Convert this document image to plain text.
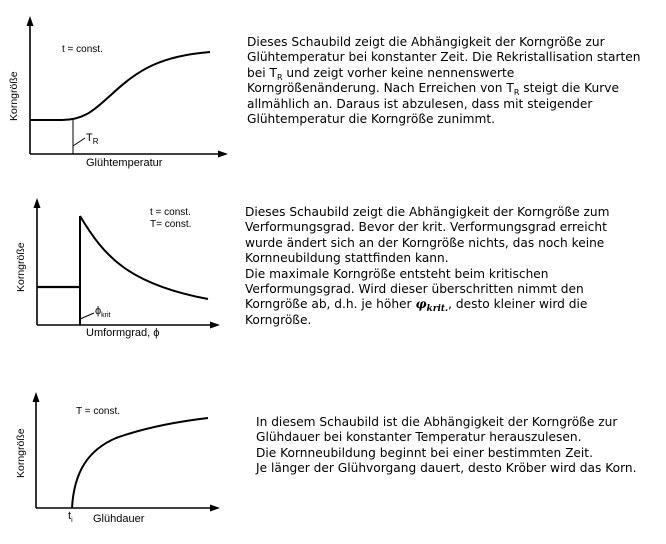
Korngröße
t = const.
$T_R$
Glühtemperatur

Dieses Schaubild zeigt die Abhängigkeit der Korngröße zur

Glühtemperatur bei konstanter Zeit. Die Rekristallisation starten

bei $T_R$ und zeigt vorher keine nennenswerte

Korngrößenänderung. Nach Erreichen von $T_R$ steigt die Kurve

allmählich an. Daraus ist abzulesen, dass mit steigender

Glühtemperatur die Korngröße zunimmt.

Korngröße
t = const.
T= const.
$\phi_{krit}$
Umformgrad, ϕ

Dieses Schaubild zeigt die Abhängigkeit der Korngröße zum

Verformungsgrad. Bevor der krit. Verformungsgrad erreicht

wurde ändert sich an der Korngröße nichts, das noch keine

Kornneubildung stattfinden kann.

Die maximale Korngröße entsteht beim kritischen

Verformungsgrad. Wird dieser überschritten nimmt den

Korngröße ab, d.h. je höher $\varphi_{krit.}$, desto kleiner wird die

Korngröße.

Korngröße
T = const.
$t_i$ Glühdauer

In diesem Schaubild ist die Abhängigkeit der Korngröße zur

Glühdauer bei konstanter Temperatur herauszulesen.

Die Kornneubildung beginnt bei einer bestimmten Zeit.

Je länger der Glühvorgang dauert, desto Kröber wird das Korn.
